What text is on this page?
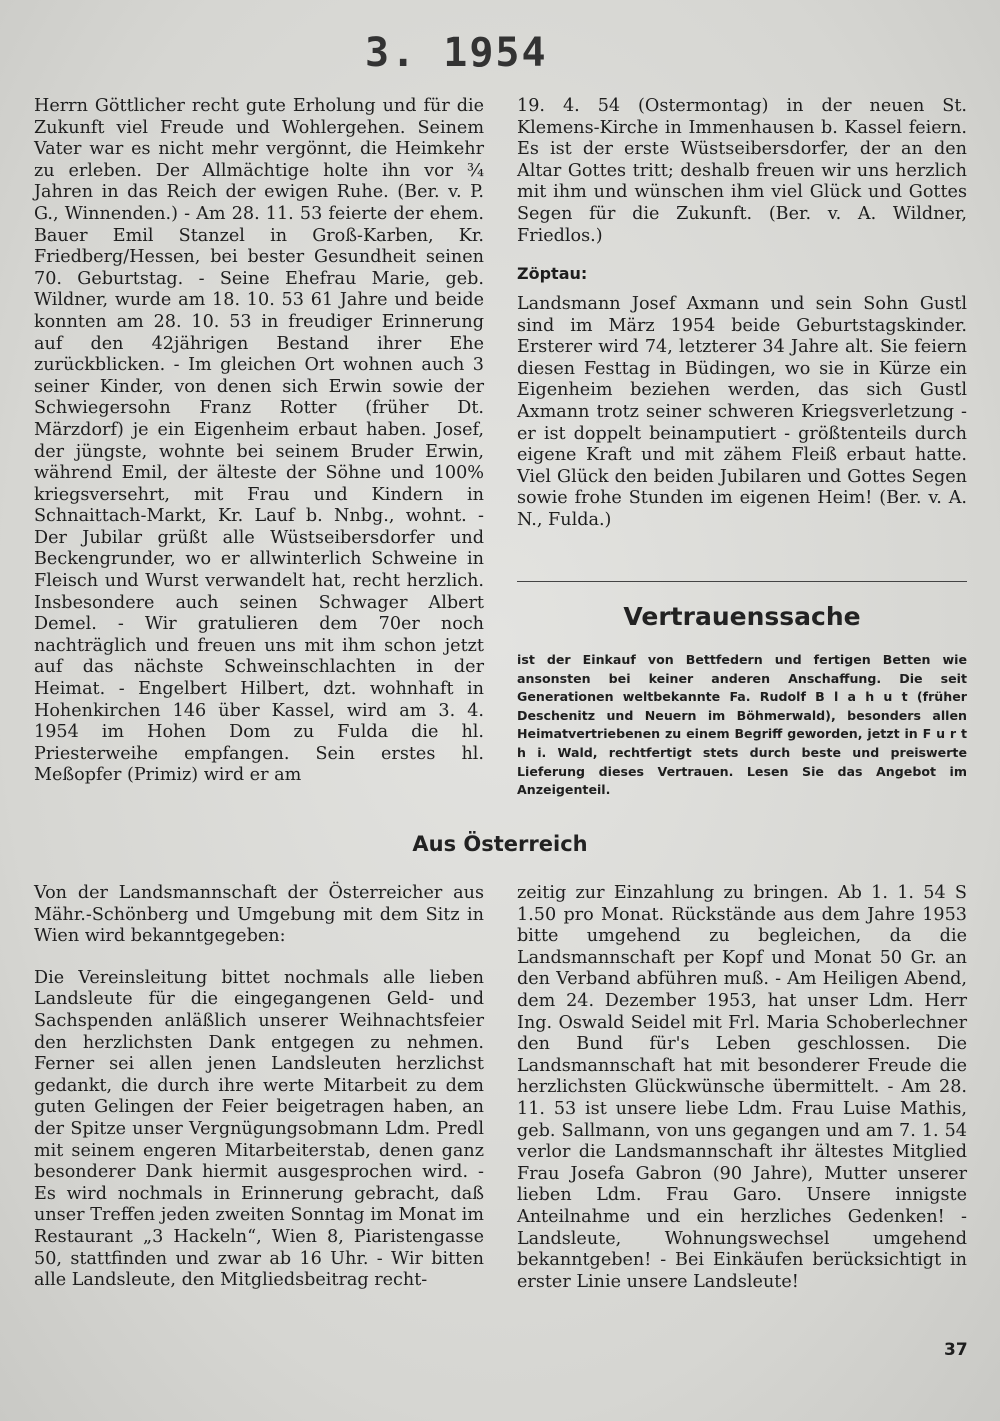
3. 1954

Herrn Göttlicher recht gute Erholung und für die Zukunft viel Freude und Wohlergehen. Seinem Vater war es nicht mehr vergönnt, die Heimkehr zu erleben. Der Allmächtige holte ihn vor ¾ Jahren in das Reich der ewigen Ruhe. (Ber. v. P. G., Winnenden.) - Am 28. 11. 53 feierte der ehem. Bauer Emil Stanzel in Groß-Karben, Kr. Friedberg/Hessen, bei bester Gesundheit seinen 70. Geburtstag. - Seine Ehefrau Marie, geb. Wildner, wurde am 18. 10. 53 61 Jahre und beide konnten am 28. 10. 53 in freudiger Erinnerung auf den 42jährigen Bestand ihrer Ehe zurückblicken. - Im gleichen Ort wohnen auch 3 seiner Kinder, von denen sich Erwin sowie der Schwiegersohn Franz Rotter (früher Dt. Märzdorf) je ein Eigenheim erbaut haben. Josef, der jüngste, wohnte bei seinem Bruder Erwin, während Emil, der älteste der Söhne und 100% kriegsversehrt, mit Frau und Kindern in Schnaittach-Markt, Kr. Lauf b. Nnbg., wohnt. - Der Jubilar grüßt alle Wüstseibersdorfer und Beckengrunder, wo er allwinterlich Schweine in Fleisch und Wurst verwandelt hat, recht herzlich. Insbesondere auch seinen Schwager Albert Demel. - Wir gratulieren dem 70er noch nachträglich und freuen uns mit ihm schon jetzt auf das nächste Schweinschlachten in der Heimat. - Engelbert Hilbert, dzt. wohnhaft in Hohenkirchen 146 über Kassel, wird am 3. 4. 1954 im Hohen Dom zu Fulda die hl. Priesterweihe empfangen. Sein erstes hl. Meßopfer (Primiz) wird er am

19. 4. 54 (Ostermontag) in der neuen St. Klemens-Kirche in Immenhausen b. Kassel feiern. Es ist der erste Wüstseibersdorfer, der an den Altar Gottes tritt; deshalb freuen wir uns herzlich mit ihm und wünschen ihm viel Glück und Gottes Segen für die Zukunft. (Ber. v. A. Wildner, Friedlos.)

Zöptau:

Landsmann Josef Axmann und sein Sohn Gustl sind im März 1954 beide Geburtstagskinder. Ersterer wird 74, letzterer 34 Jahre alt. Sie feiern diesen Festtag in Büdingen, wo sie in Kürze ein Eigenheim beziehen werden, das sich Gustl Axmann trotz seiner schweren Kriegsverletzung - er ist doppelt beinamputiert - größtenteils durch eigene Kraft und mit zähem Fleiß erbaut hatte. Viel Glück den beiden Jubilaren und Gottes Segen sowie frohe Stunden im eigenen Heim! (Ber. v. A. N., Fulda.)

Vertrauenssache

ist der Einkauf von Bettfedern und fertigen Betten wie ansonsten bei keiner anderen Anschaffung. Die seit Generationen weltbekannte Fa. Rudolf B l a h u t (früher Deschenitz und Neuern im Böhmerwald), besonders allen Heimatvertriebenen zu einem Begriff geworden, jetzt in F u r t h i. Wald, rechtfertigt stets durch beste und preiswerte Lieferung dieses Vertrauen. Lesen Sie das Angebot im Anzeigenteil.

Aus Österreich

Von der Landsmannschaft der Österreicher aus Mähr.-Schönberg und Umgebung mit dem Sitz in Wien wird bekanntgegeben:

Die Vereinsleitung bittet nochmals alle lieben Landsleute für die eingegangenen Geld- und Sachspenden anläßlich unserer Weihnachtsfeier den herzlichsten Dank entgegen zu nehmen. Ferner sei allen jenen Landsleuten herzlichst gedankt, die durch ihre werte Mitarbeit zu dem guten Gelingen der Feier beigetragen haben, an der Spitze unser Vergnügungsobmann Ldm. Predl mit seinem engeren Mitarbeiterstab, denen ganz besonderer Dank hiermit ausgesprochen wird. - Es wird nochmals in Erinnerung gebracht, daß unser Treffen jeden zweiten Sonntag im Monat im Restaurant „3 Hackeln“, Wien 8, Piaristengasse 50, stattfinden und zwar ab 16 Uhr. - Wir bitten alle Landsleute, den Mitgliedsbeitrag recht-

zeitig zur Einzahlung zu bringen. Ab 1. 1. 54 S 1.50 pro Monat. Rückstände aus dem Jahre 1953 bitte umgehend zu begleichen, da die Landsmannschaft per Kopf und Monat 50 Gr. an den Verband abführen muß. - Am Heiligen Abend, dem 24. Dezember 1953, hat unser Ldm. Herr Ing. Oswald Seidel mit Frl. Maria Schoberlechner den Bund für's Leben geschlossen. Die Landsmannschaft hat mit besonderer Freude die herzlichsten Glückwünsche übermittelt. - Am 28. 11. 53 ist unsere liebe Ldm. Frau Luise Mathis, geb. Sallmann, von uns gegangen und am 7. 1. 54 verlor die Landsmannschaft ihr ältestes Mitglied Frau Josefa Gabron (90 Jahre), Mutter unserer lieben Ldm. Frau Garo. Unsere innigste Anteilnahme und ein herzliches Gedenken! - Landsleute, Wohnungswechsel umgehend bekanntgeben! - Bei Einkäufen berücksichtigt in erster Linie unsere Landsleute!

37
